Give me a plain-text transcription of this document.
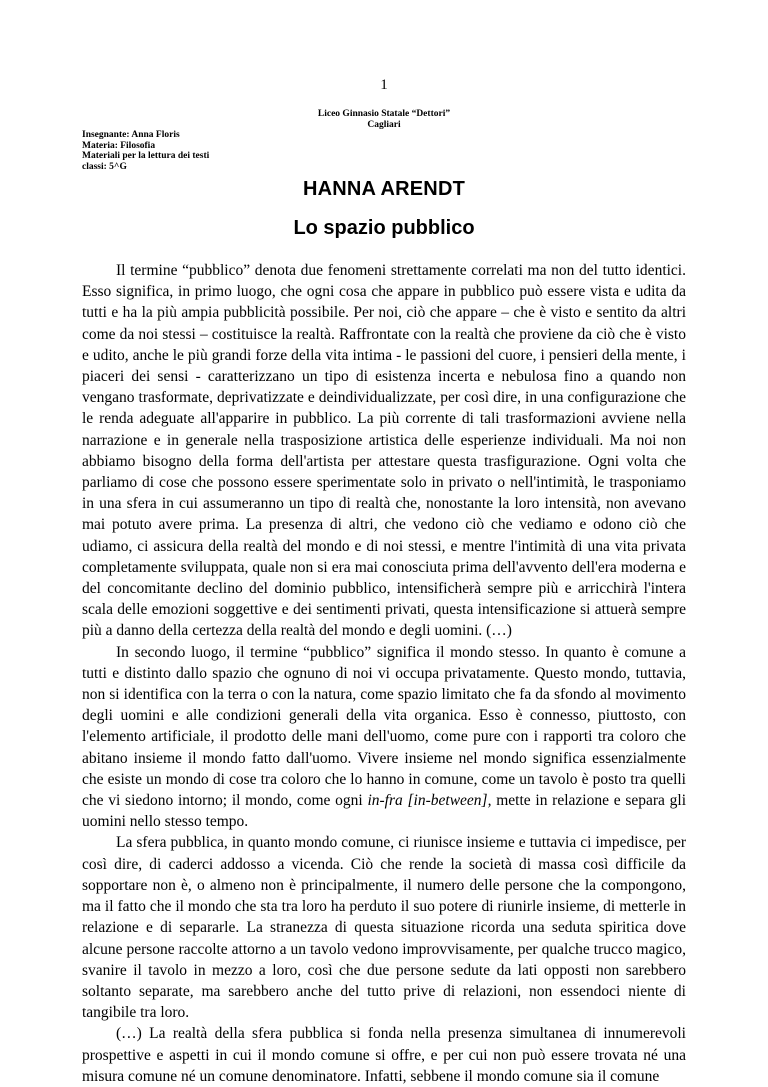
1
Liceo Ginnasio Statale “Dettori”
Cagliari
Insegnante: Anna Floris
Materia: Filosofia
Materiali per la lettura dei testi
classi: 5^G
HANNA ARENDT
Lo spazio pubblico

Il termine “pubblico” denota due fenomeni strettamente correlati ma non del tutto identici. Esso significa, in primo luogo, che ogni cosa che appare in pubblico può essere vista e udita da tutti e ha la più ampia pubblicità possibile. Per noi, ciò che appare – che è visto e sentito da altri come da noi stessi – costituisce la realtà. Raffrontate con la realtà che proviene da ciò che è visto e udito, anche le più grandi forze della vita intima - le passioni del cuore, i pensieri della mente, i piaceri dei sensi - caratterizzano un tipo di esistenza incerta e nebulosa fino a quando non vengano trasformate, deprivatizzate e deindividualizzate, per così dire, in una configurazione che le renda adeguate all'apparire in pubblico. La più corrente di tali trasformazioni avviene nella narrazione e in generale nella trasposizione artistica delle esperienze individuali. Ma noi non abbiamo bisogno della forma dell'artista per attestare questa trasfigurazione. Ogni volta che parliamo di cose che possono essere sperimentate solo in privato o nell'intimità, le trasponiamo in una sfera in cui assumeranno un tipo di realtà che, nonostante la loro intensità, non avevano mai potuto avere prima. La presenza di altri, che vedono ciò che vediamo e odono ciò che udiamo, ci assicura della realtà del mondo e di noi stessi, e mentre l'intimità di una vita privata completamente sviluppata, quale non si era mai conosciuta prima dell'avvento dell'era moderna e del concomitante declino del dominio pubblico, intensificherà sempre più e arricchirà l'intera scala delle emozioni soggettive e dei sentimenti privati, questa intensificazione si attuerà sempre più a danno della certezza della realtà del mondo e degli uomini. (…)

In secondo luogo, il termine “pubblico” significa il mondo stesso. In quanto è comune a tutti e distinto dallo spazio che ognuno di noi vi occupa privatamente. Questo mondo, tuttavia, non si identifica con la terra o con la natura, come spazio limitato che fa da sfondo al movimento degli uomini e alle condizioni generali della vita organica. Esso è connesso, piuttosto, con l'elemento artificiale, il prodotto delle mani dell'uomo, come pure con i rapporti tra coloro che abitano insieme il mondo fatto dall'uomo. Vivere insieme nel mondo significa essenzialmente che esiste un mondo di cose tra coloro che lo hanno in comune, come un tavolo è posto tra quelli che vi siedono intorno; il mondo, come ogni in-fra [in-between], mette in relazione e separa gli uomini nello stesso tempo.

La sfera pubblica, in quanto mondo comune, ci riunisce insieme e tuttavia ci impedisce, per così dire, di caderci addosso a vicenda. Ciò che rende la società di massa così difficile da sopportare non è, o almeno non è principalmente, il numero delle persone che la compongono, ma il fatto che il mondo che sta tra loro ha perduto il suo potere di riunirle insieme, di metterle in relazione e di separarle. La stranezza di questa situazione ricorda una seduta spiritica dove alcune persone raccolte attorno a un tavolo vedono improvvisamente, per qualche trucco magico, svanire il tavolo in mezzo a loro, così che due persone sedute da lati opposti non sarebbero soltanto separate, ma sarebbero anche del tutto prive di relazioni, non essendoci niente di tangibile tra loro.

(…) La realtà della sfera pubblica si fonda nella presenza simultanea di innumerevoli prospettive e aspetti in cui il mondo comune si offre, e per cui non può essere trovata né una misura comune né un comune denominatore. Infatti, sebbene il mondo comune sia il comune
